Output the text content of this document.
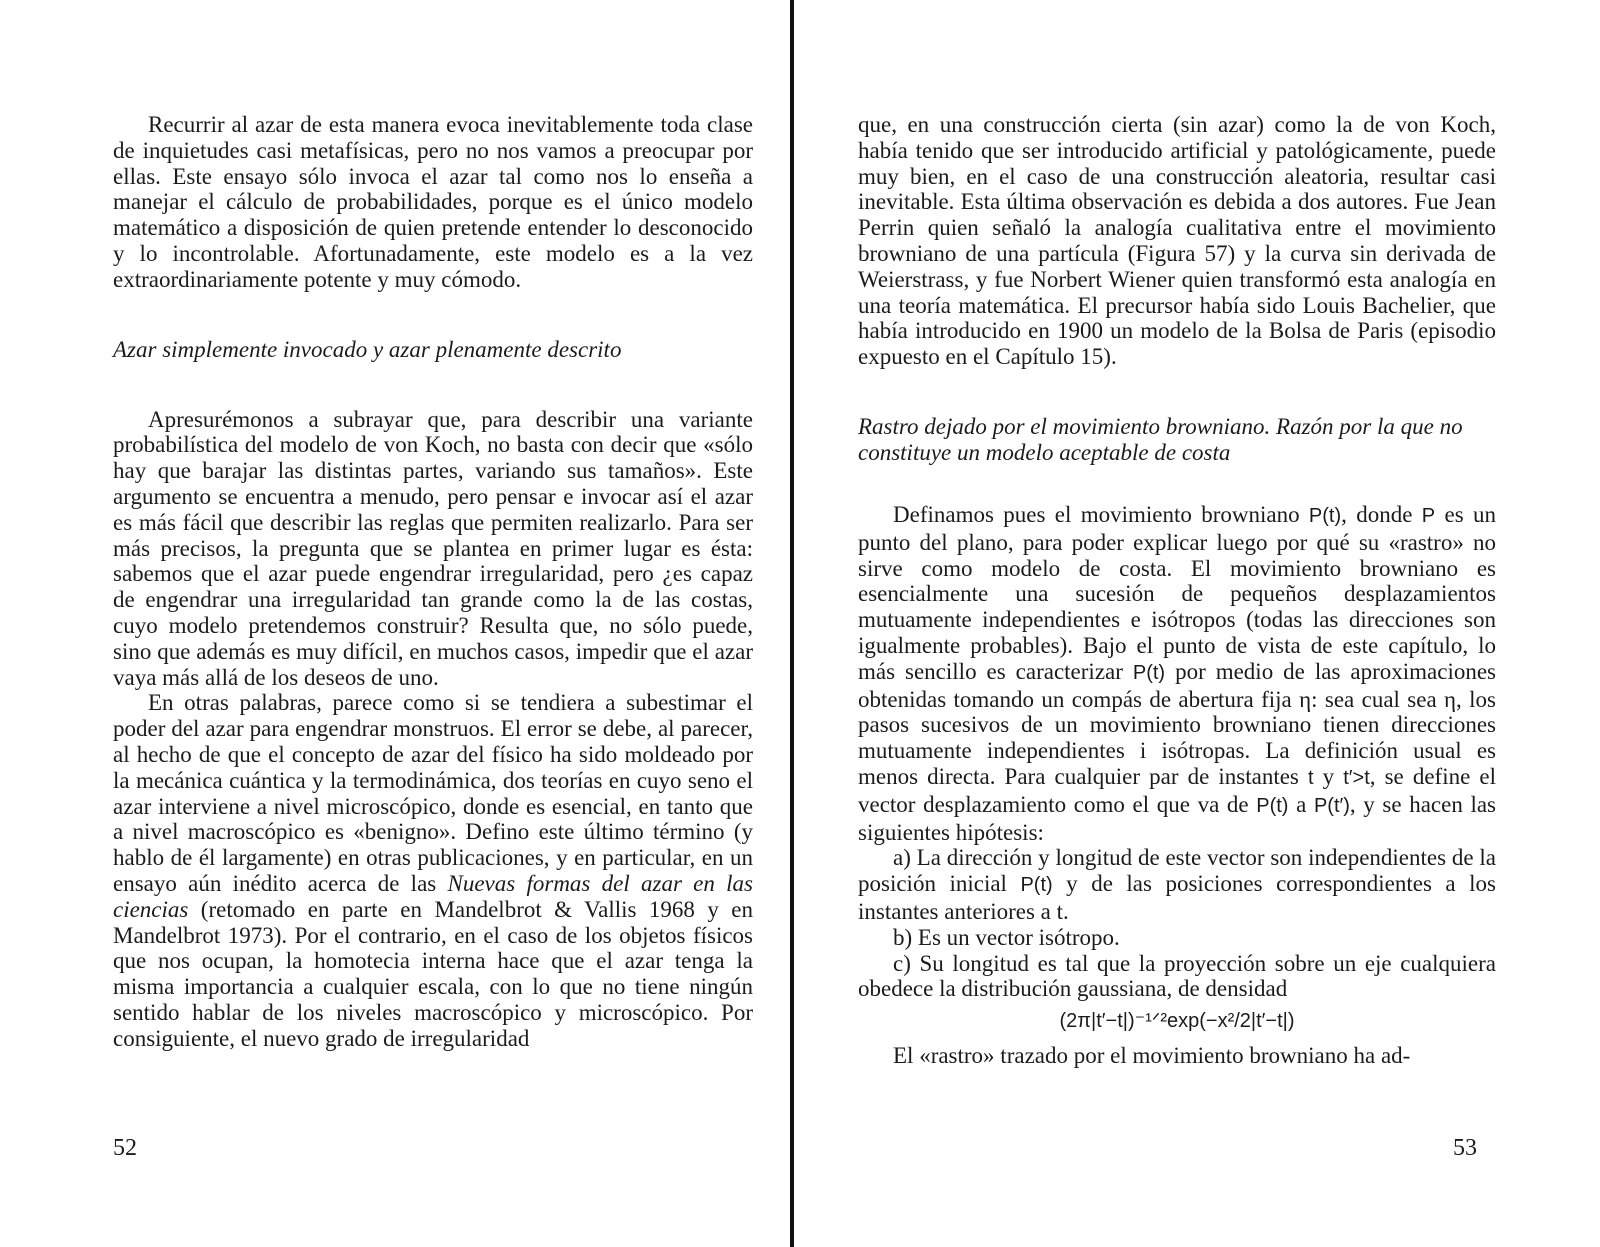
Recurrir al azar de esta manera evoca inevitablemente toda clase de inquietudes casi metafísicas, pero no nos vamos a preocupar por ellas. Este ensayo sólo invoca el azar tal como nos lo enseña a manejar el cálculo de probabilidades, porque es el único modelo matemático a disposición de quien pretende entender lo desconocido y lo incontrolable. Afortunadamente, este modelo es a la vez extraordinariamente potente y muy cómodo.

Azar simplemente invocado y azar plenamente descrito

Apresurémonos a subrayar que, para describir una variante probabilística del modelo de von Koch, no basta con decir que «sólo hay que barajar las distintas partes, variando sus tamaños». Este argumento se encuentra a menudo, pero pensar e invocar así el azar es más fácil que describir las reglas que permiten realizarlo. Para ser más precisos, la pregunta que se plantea en primer lugar es ésta: sabemos que el azar puede engendrar irregularidad, pero ¿es capaz de engendrar una irregularidad tan grande como la de las costas, cuyo modelo pretendemos construir? Resulta que, no sólo puede, sino que además es muy difícil, en muchos casos, impedir que el azar vaya más allá de los deseos de uno.

En otras palabras, parece como si se tendiera a subestimar el poder del azar para engendrar monstruos. El error se debe, al parecer, al hecho de que el concepto de azar del físico ha sido moldeado por la mecánica cuántica y la termodinámica, dos teorías en cuyo seno el azar interviene a nivel microscópico, donde es esencial, en tanto que a nivel macroscópico es «benigno». Defino este último término (y hablo de él largamente) en otras publicaciones, y en particular, en un ensayo aún inédito acerca de las Nuevas formas del azar en las ciencias (retomado en parte en Mandelbrot & Vallis 1968 y en Mandelbrot 1973). Por el contrario, en el caso de los objetos físicos que nos ocupan, la homotecia interna hace que el azar tenga la misma importancia a cualquier escala, con lo que no tiene ningún sentido hablar de los niveles macroscópico y microscópico. Por consiguiente, el nuevo grado de irregularidad

52

que, en una construcción cierta (sin azar) como la de von Koch, había tenido que ser introducido artificial y patológicamente, puede muy bien, en el caso de una construcción aleatoria, resultar casi inevitable. Esta última observación es debida a dos autores. Fue Jean Perrin quien señaló la analogía cualitativa entre el movimiento browniano de una partícula (Figura 57) y la curva sin derivada de Weierstrass, y fue Norbert Wiener quien transformó esta analogía en una teoría matemática. El precursor había sido Louis Bachelier, que había introducido en 1900 un modelo de la Bolsa de Paris (episodio expuesto en el Capítulo 15).

Rastro dejado por el movimiento browniano. Razón por la que no constituye un modelo aceptable de costa

Definamos pues el movimiento browniano P(t), donde P es un punto del plano, para poder explicar luego por qué su «rastro» no sirve como modelo de costa. El movimiento browniano es esencialmente una sucesión de pequeños desplazamientos mutuamente independientes e isótropos (todas las direcciones son igualmente probables). Bajo el punto de vista de este capítulo, lo más sencillo es caracterizar P(t) por medio de las aproximaciones obtenidas tomando un compás de abertura fija η: sea cual sea η, los pasos sucesivos de un movimiento browniano tienen direcciones mutuamente independientes i isótropas. La definición usual es menos directa. Para cualquier par de instantes t y t′>t, se define el vector desplazamiento como el que va de P(t) a P(t′), y se hacen las siguientes hipótesis:

a) La dirección y longitud de este vector son independientes de la posición inicial P(t) y de las posiciones correspondientes a los instantes anteriores a t.

b) Es un vector isótropo.

c) Su longitud es tal que la proyección sobre un eje cualquiera obedece la distribución gaussiana, de densidad

(2π|t′−t|)⁻¹ᐟ²exp(−x²/2|t′−t|)

El «rastro» trazado por el movimiento browniano ha ad-

53
